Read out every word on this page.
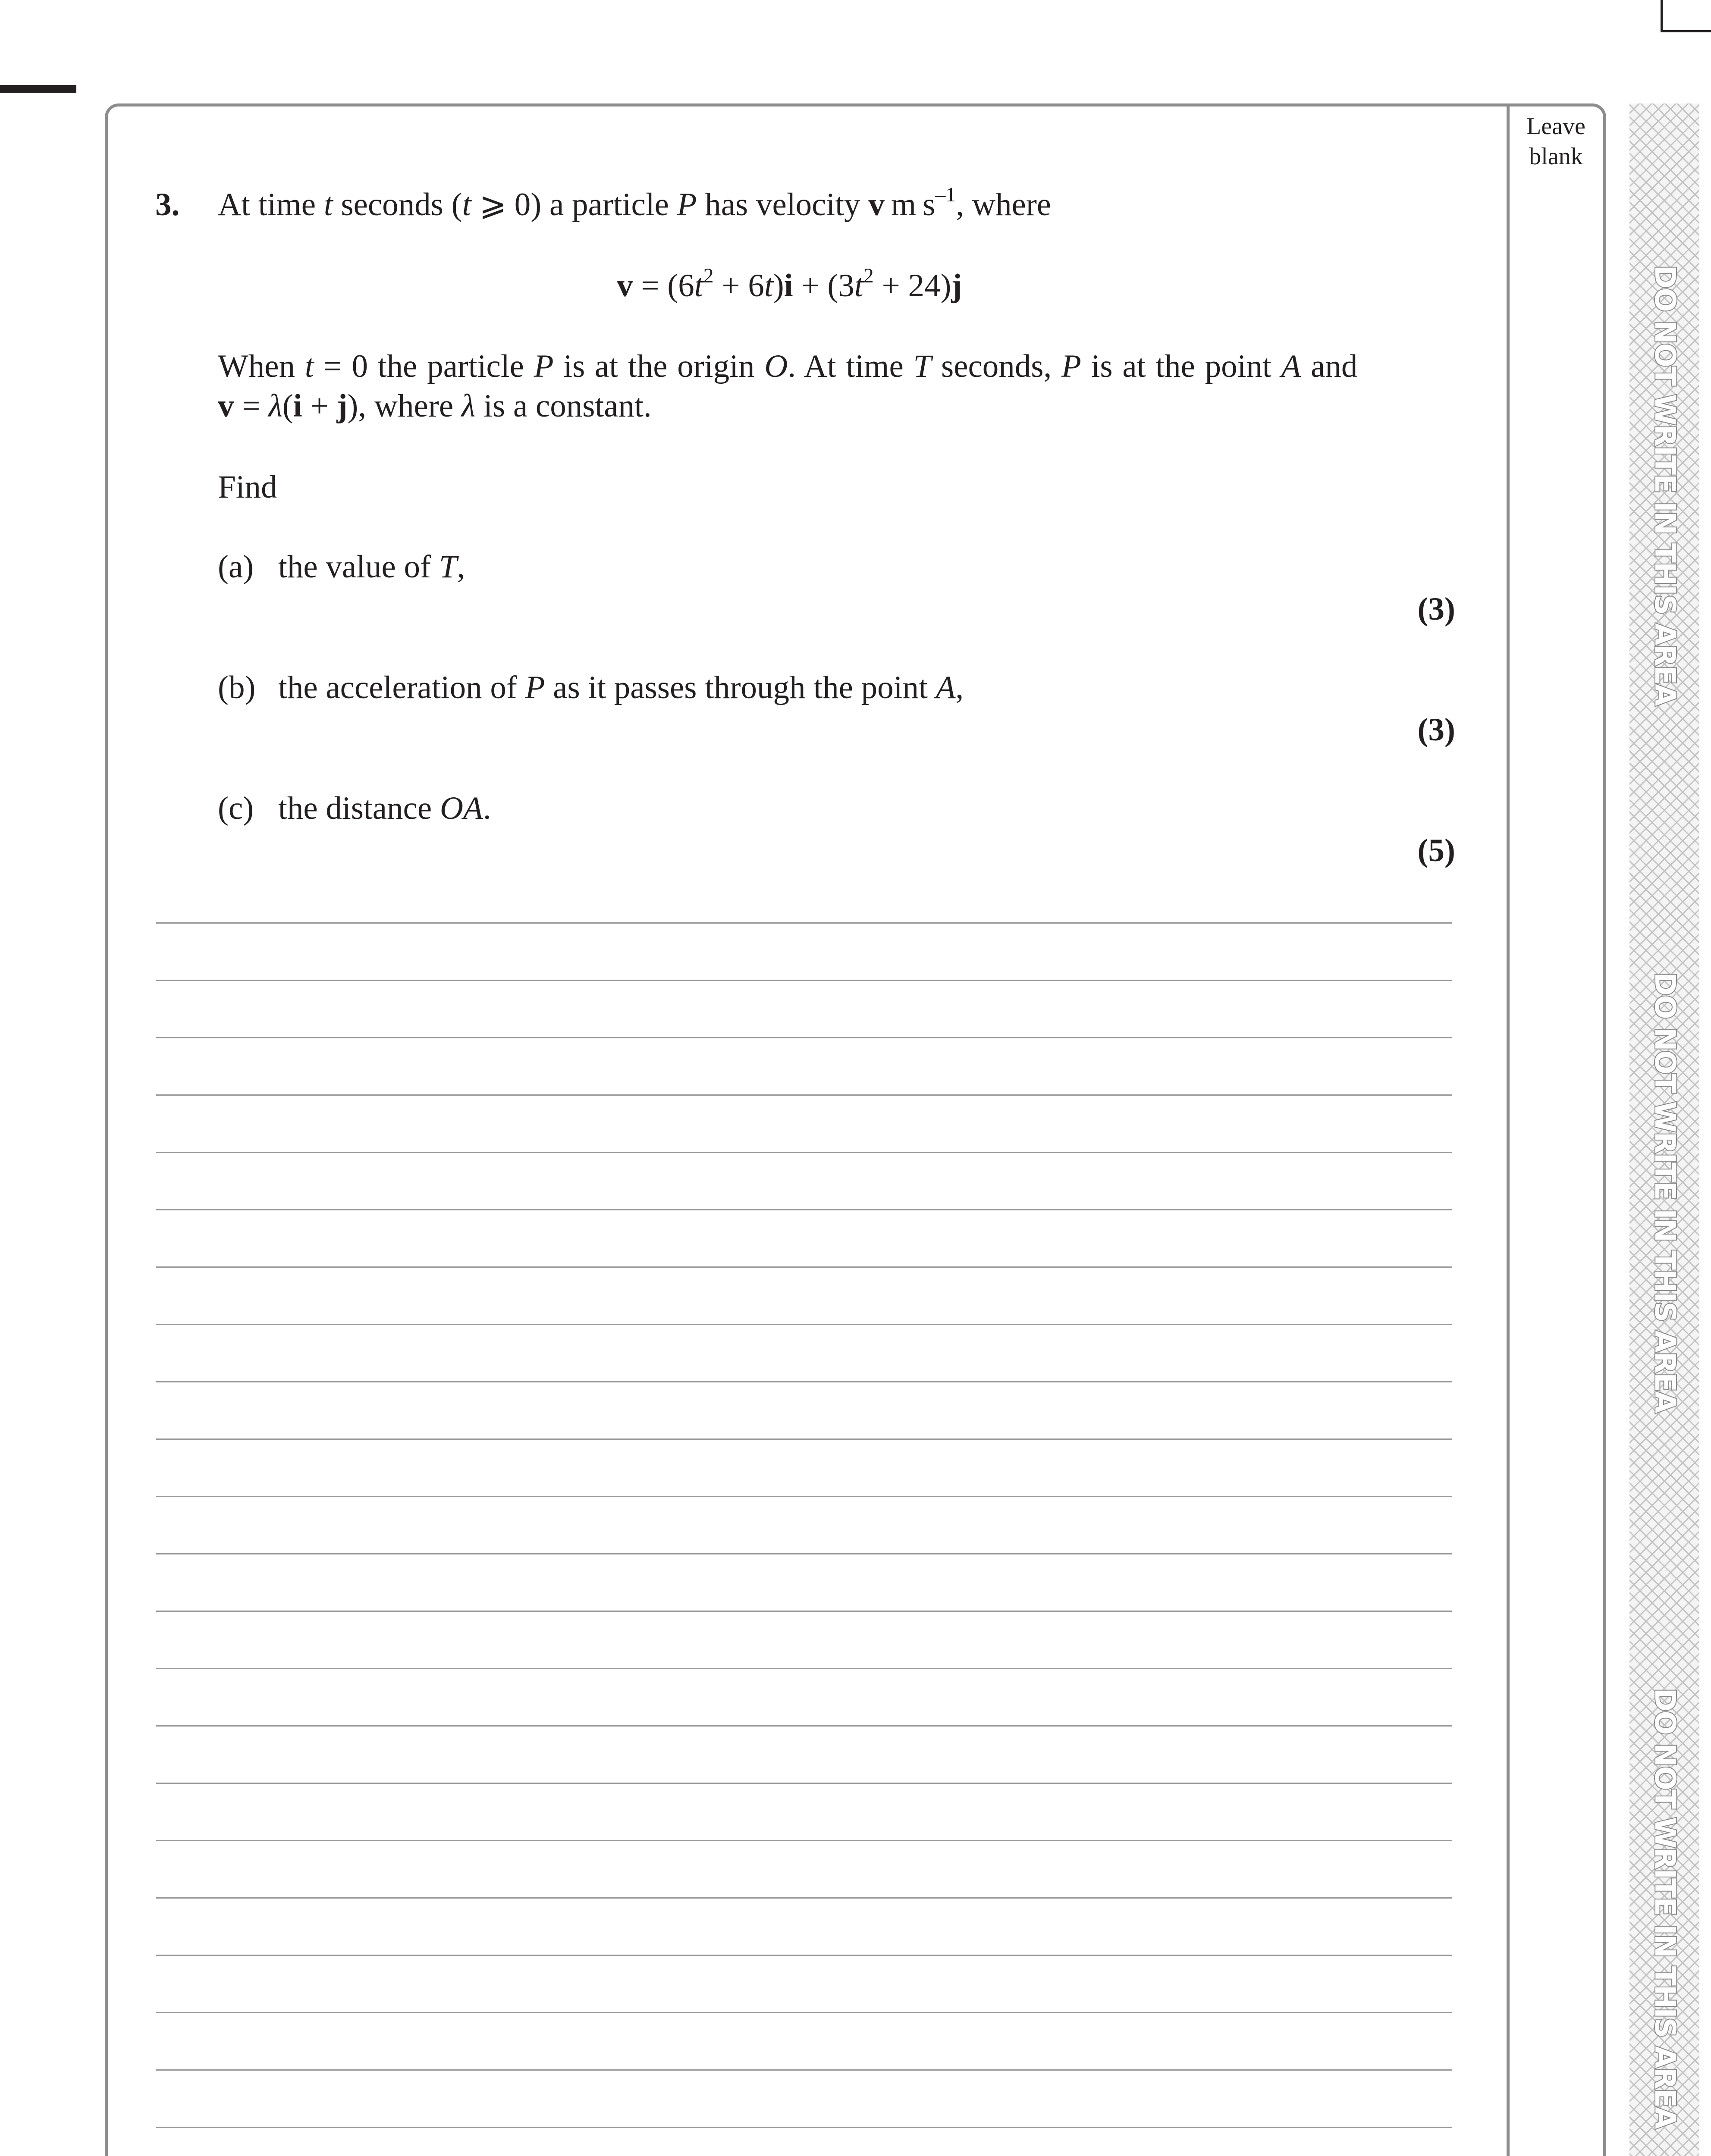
Leave
blank
DO NOT WRITE IN THIS AREA
DO NOT WRITE IN THIS AREA
DO NOT WRITE IN THIS AREA
3. At time t seconds (t ⩾ 0) a particle P has velocity v m $s^{-1}$, where
$v = (6t^2 + 6t)i + (3t^2 + 24)j$
When t = 0 the particle P is at the origin O. At time T seconds, P is at the point A and
v = λ(i + j), where λ is a constant.
Find
(a) the value of T,
(3)
(b) the acceleration of P as it passes through the point A,
(3)
(c) the distance OA.
(5)
